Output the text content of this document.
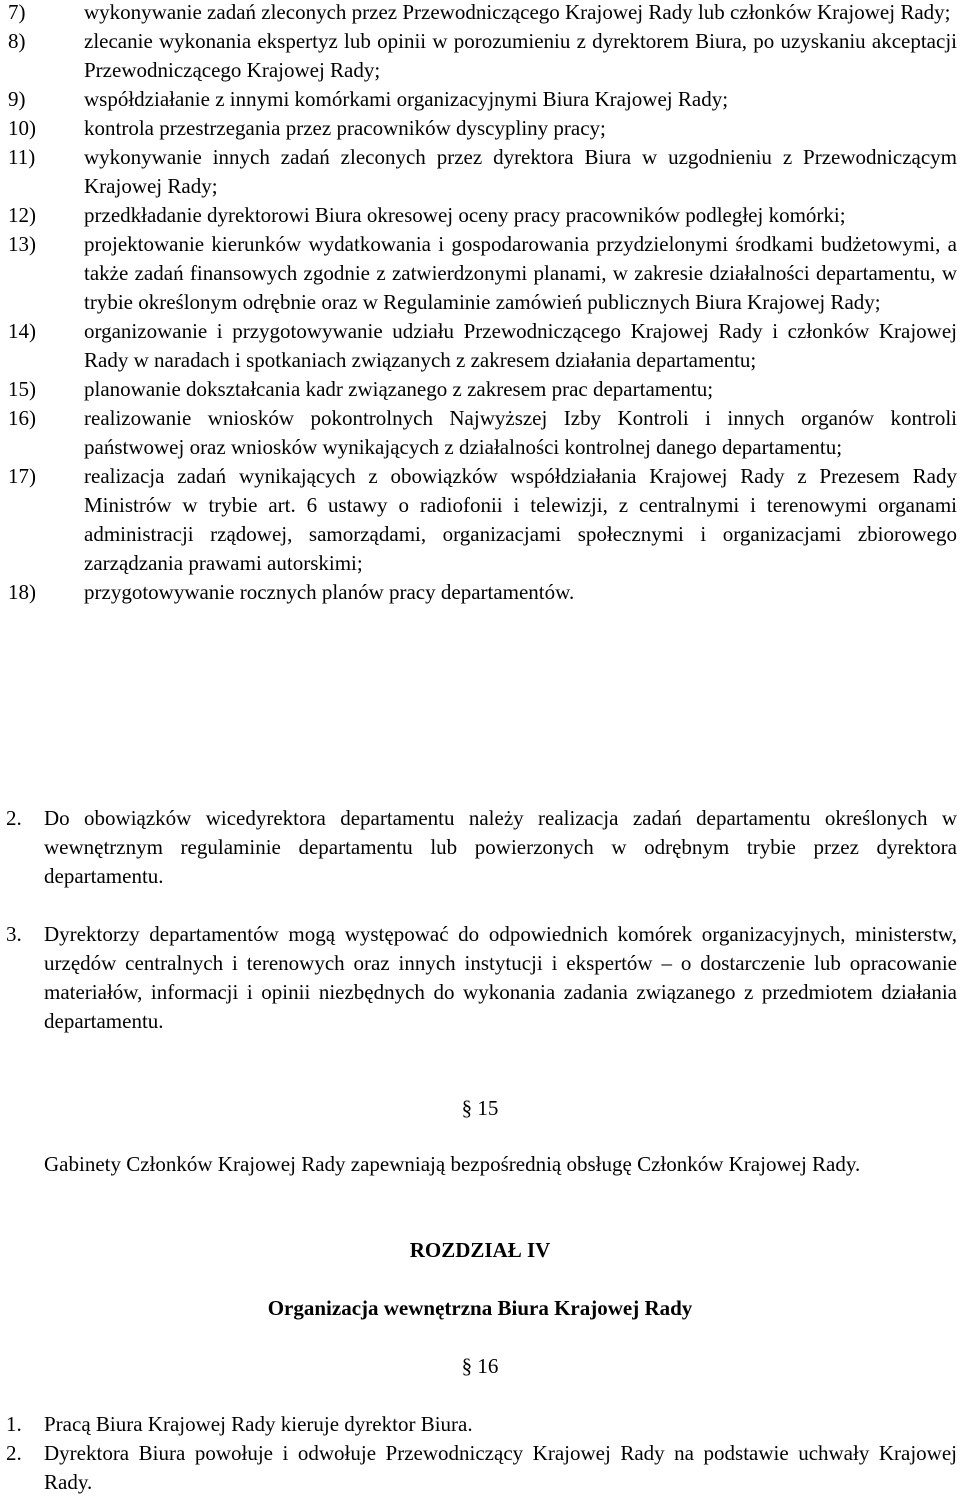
7)	wykonywanie zadań zleconych przez Przewodniczącego Krajowej Rady lub członków Krajowej Rady;
8)	zlecanie wykonania ekspertyz lub opinii w porozumieniu z dyrektorem Biura, po uzyskaniu akceptacji Przewodniczącego Krajowej Rady;
9)	współdziałanie z innymi komórkami organizacyjnymi Biura Krajowej Rady;
10) kontrola przestrzegania przez pracowników dyscypliny pracy;
11) wykonywanie innych zadań zleconych przez dyrektora Biura w uzgodnieniu z Przewodniczącym Krajowej Rady;
12) przedkładanie dyrektorowi Biura okresowej oceny pracy pracowników podległej komórki;
13) projektowanie kierunków wydatkowania i gospodarowania przydzielonymi środkami budżetowymi, a także zadań finansowych zgodnie z zatwierdzonymi planami, w zakresie działalności departamentu, w trybie określonym odrębnie oraz w Regulaminie zamówień publicznych Biura Krajowej Rady;
14) organizowanie i przygotowywanie udziału Przewodniczącego Krajowej Rady i członków Krajowej Rady w naradach i spotkaniach związanych z zakresem działania departamentu;
15) planowanie dokształcania kadr związanego z zakresem prac departamentu;
16) realizowanie wniosków pokontrolnych Najwyższej Izby Kontroli i innych organów kontroli państwowej oraz wniosków wynikających z działalności kontrolnej danego departamentu;
17) realizacja zadań wynikających z obowiązków współdziałania Krajowej Rady z Prezesem Rady Ministrów w trybie art. 6 ustawy o radiofonii i telewizji, z centralnymi i terenowymi organami administracji rządowej, samorządami, organizacjami społecznymi i organizacjami zbiorowego zarządzania prawami autorskimi;
18) przygotowywanie rocznych planów pracy departamentów.
2. Do obowiązków wicedyrektora departamentu należy realizacja zadań departamentu określonych w wewnętrznym regulaminie departamentu lub powierzonych w odrębnym trybie przez dyrektora departamentu.
3. Dyrektorzy departamentów mogą występować do odpowiednich komórek organizacyjnych, ministerstw, urzędów centralnych i terenowych oraz innych instytucji i ekspertów – o dostarczenie lub opracowanie materiałów, informacji i opinii niezbędnych do wykonania zadania związanego z przedmiotem działania departamentu.
§ 15
Gabinety Członków Krajowej Rady zapewniają bezpośrednią obsługę Członków Krajowej Rady.
ROZDZIAŁ IV
Organizacja wewnętrzna Biura Krajowej Rady
§ 16
1. Pracą Biura Krajowej Rady kieruje dyrektor Biura.
2. Dyrektora Biura powołuje i odwołuje Przewodniczący Krajowej Rady na podstawie uchwały Krajowej Rady.
